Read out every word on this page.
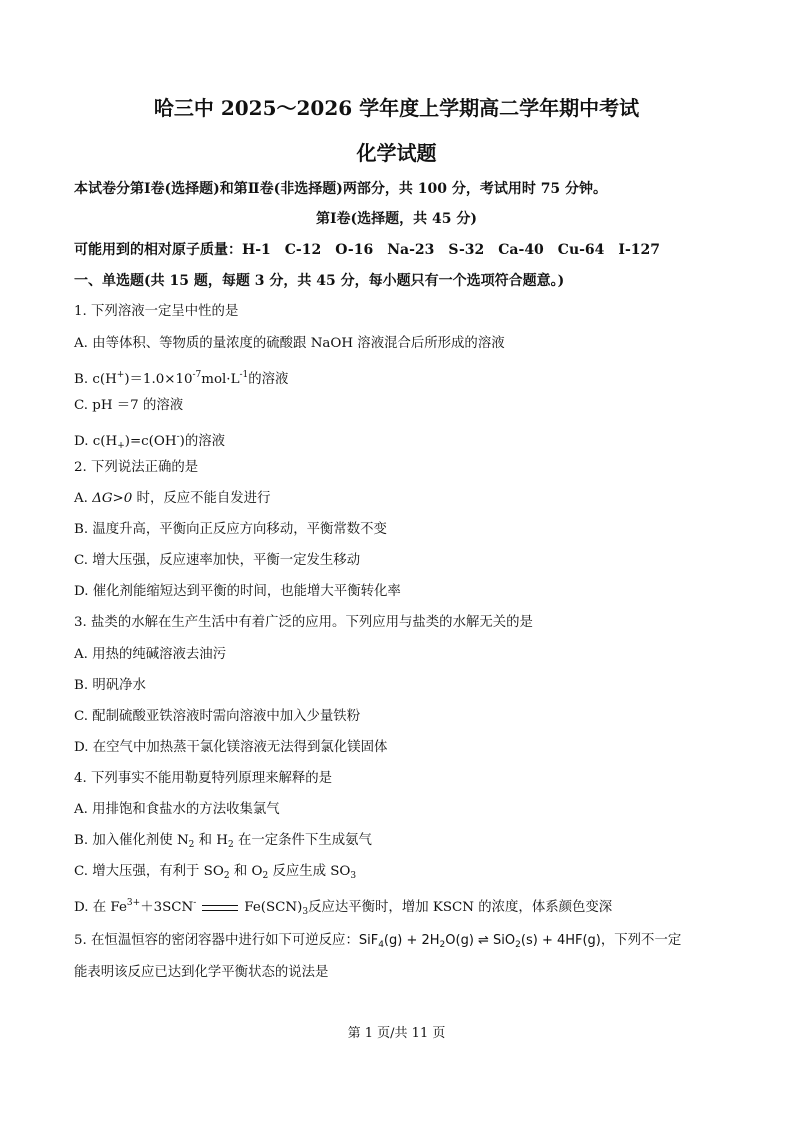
哈三中 2025～2026 学年度上学期高二学年期中考试
化学试题
本试卷分第Ⅰ卷(选择题)和第Ⅱ卷(非选择题)两部分，共 100 分，考试用时 75 分钟。
第Ⅰ卷(选择题，共 45 分)
可能用到的相对原子质量：H-1　C-12　O-16　Na-23　S-32　Ca-40　Cu-64　I-127
一、单选题(共 15 题，每题 3 分，共 45 分，每小题只有一个选项符合题意。)
1. 下列溶液一定呈中性的是
A. 由等体积、等物质的量浓度的硫酸跟 NaOH 溶液混合后所形成的溶液
B. $c(H^+)=1.0\times 10^{-7}mol\cdot L^{-1}$的溶液
C. pH ＝7 的溶液
D. $c(H_+)=c(OH^-)$的溶液
2. 下列说法正确的是
A. ΔG>0 时，反应不能自发进行
B. 温度升高，平衡向正反应方向移动，平衡常数不变
C. 增大压强，反应速率加快，平衡一定发生移动
D. 催化剂能缩短达到平衡的时间，也能增大平衡转化率
3. 盐类的水解在生产生活中有着广泛的应用。下列应用与盐类的水解无关的是
A. 用热的纯碱溶液去油污
B. 明矾净水
C. 配制硫酸亚铁溶液时需向溶液中加入少量铁粉
D. 在空气中加热蒸干氯化镁溶液无法得到氯化镁固体
4. 下列事实不能用勒夏特列原理来解释的是
A. 用排饱和食盐水的方法收集氯气
B. 加入催化剂使 $N_2$ 和 $H_2$ 在一定条件下生成氨气
C. 增大压强，有利于 $SO_2$ 和 $O_2$ 反应生成 $SO_3$
D. 在 $Fe^{3+}+3SCN^-$	$Fe(SCN)_3$反应达平衡时，增加 KSCN 的浓度，体系颜色变深
5. 在恒温恒容的密闭容器中进行如下可逆反应：$SiF_4(g) + 2H_2O(g)$ ⇌ SiO$_2$(s) + 4HF(g)，下列不一定
能表明该反应已达到化学平衡状态的说法是
第 1 页/共 11 页
